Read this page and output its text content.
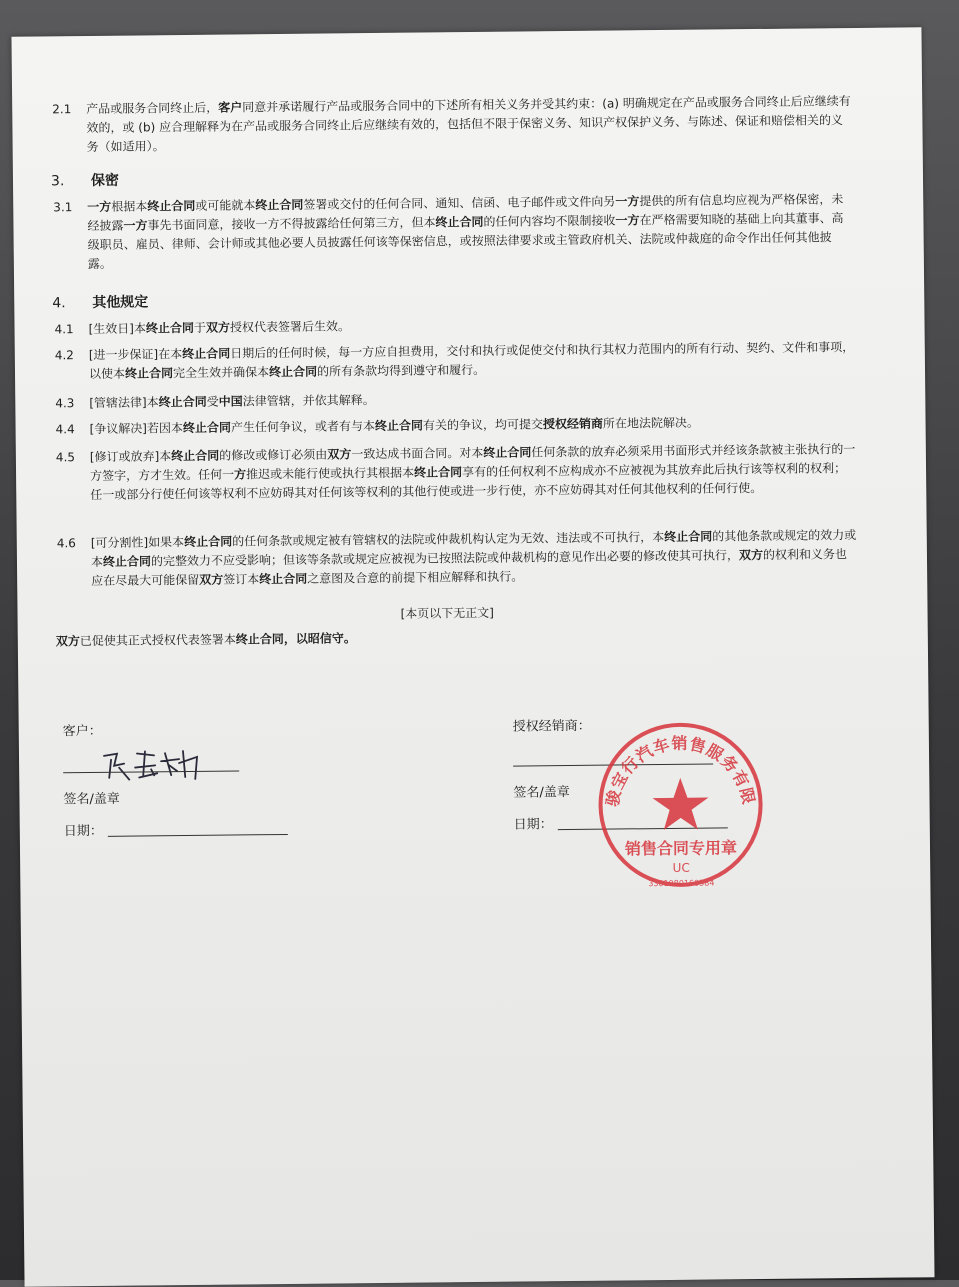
2.1	产品或服务合同终止后，客户同意并承诺履行产品或服务合同中的下述所有相关义务并受其约束：(a) 明确规定在产品或服务合同终止后应继续有效的，或 (b) 应合理解释为在产品或服务合同终止后应继续有效的，包括但不限于保密义务、知识产权保护义务、与陈述、保证和赔偿相关的义务（如适用）。
3. 保密
3.1	一方根据本终止合同或可能就本终止合同签署或交付的任何合同、通知、信函、电子邮件或文件向另一方提供的所有信息均应视为严格保密，未经披露一方事先书面同意，接收一方不得披露给任何第三方，但本终止合同的任何内容均不限制接收一方在严格需要知晓的基础上向其董事、高级职员、雇员、律师、会计师或其他必要人员披露任何该等保密信息，或按照法律要求或主管政府机关、法院或仲裁庭的命令作出任何其他披露。
4. 其他规定
4.1	[生效日]本终止合同于双方授权代表签署后生效。
4.2	[进一步保证]在本终止合同日期后的任何时候，每一方应自担费用，交付和执行或促使交付和执行其权力范围内的所有行动、契约、文件和事项，以使本终止合同完全生效并确保本终止合同的所有条款均得到遵守和履行。
4.3	[管辖法律]本终止合同受中国法律管辖，并依其解释。
4.4	[争议解决]若因本终止合同产生任何争议，或者有与本终止合同有关的争议，均可提交授权经销商所在地法院解决。
4.5	[修订或放弃]本终止合同的修改或修订必须由双方一致达成书面合同。对本终止合同任何条款的放弃必须采用书面形式并经该条款被主张执行的一方签字，方才生效。任何一方推迟或未能行使或执行其根据本终止合同享有的任何权利不应构成亦不应被视为其放弃此后执行该等权利的权利；任一或部分行使任何该等权利不应妨碍其对任何该等权利的其他行使或进一步行使，亦不应妨碍其对任何其他权利的任何行使。
4.6	[可分割性]如果本终止合同的任何条款或规定被有管辖权的法院或仲裁机构认定为无效、违法或不可执行，本终止合同的其他条款或规定的效力或本终止合同的完整效力不应受影响；但该等条款或规定应被视为已按照法院或仲裁机构的意见作出必要的修改使其可执行，双方的权利和义务也应在尽最大可能保留双方签订本终止合同之意图及合意的前提下相应解释和执行。
[本页以下无正文]
双方已促使其正式授权代表签署本终止合同，以昭信守。
客户：
签名/盖章
日期：
授权经销商：
签名/盖章
日期：
杭州骏宝行汽车销售服务有限公司
销售合同专用章
UC
3301080160584
